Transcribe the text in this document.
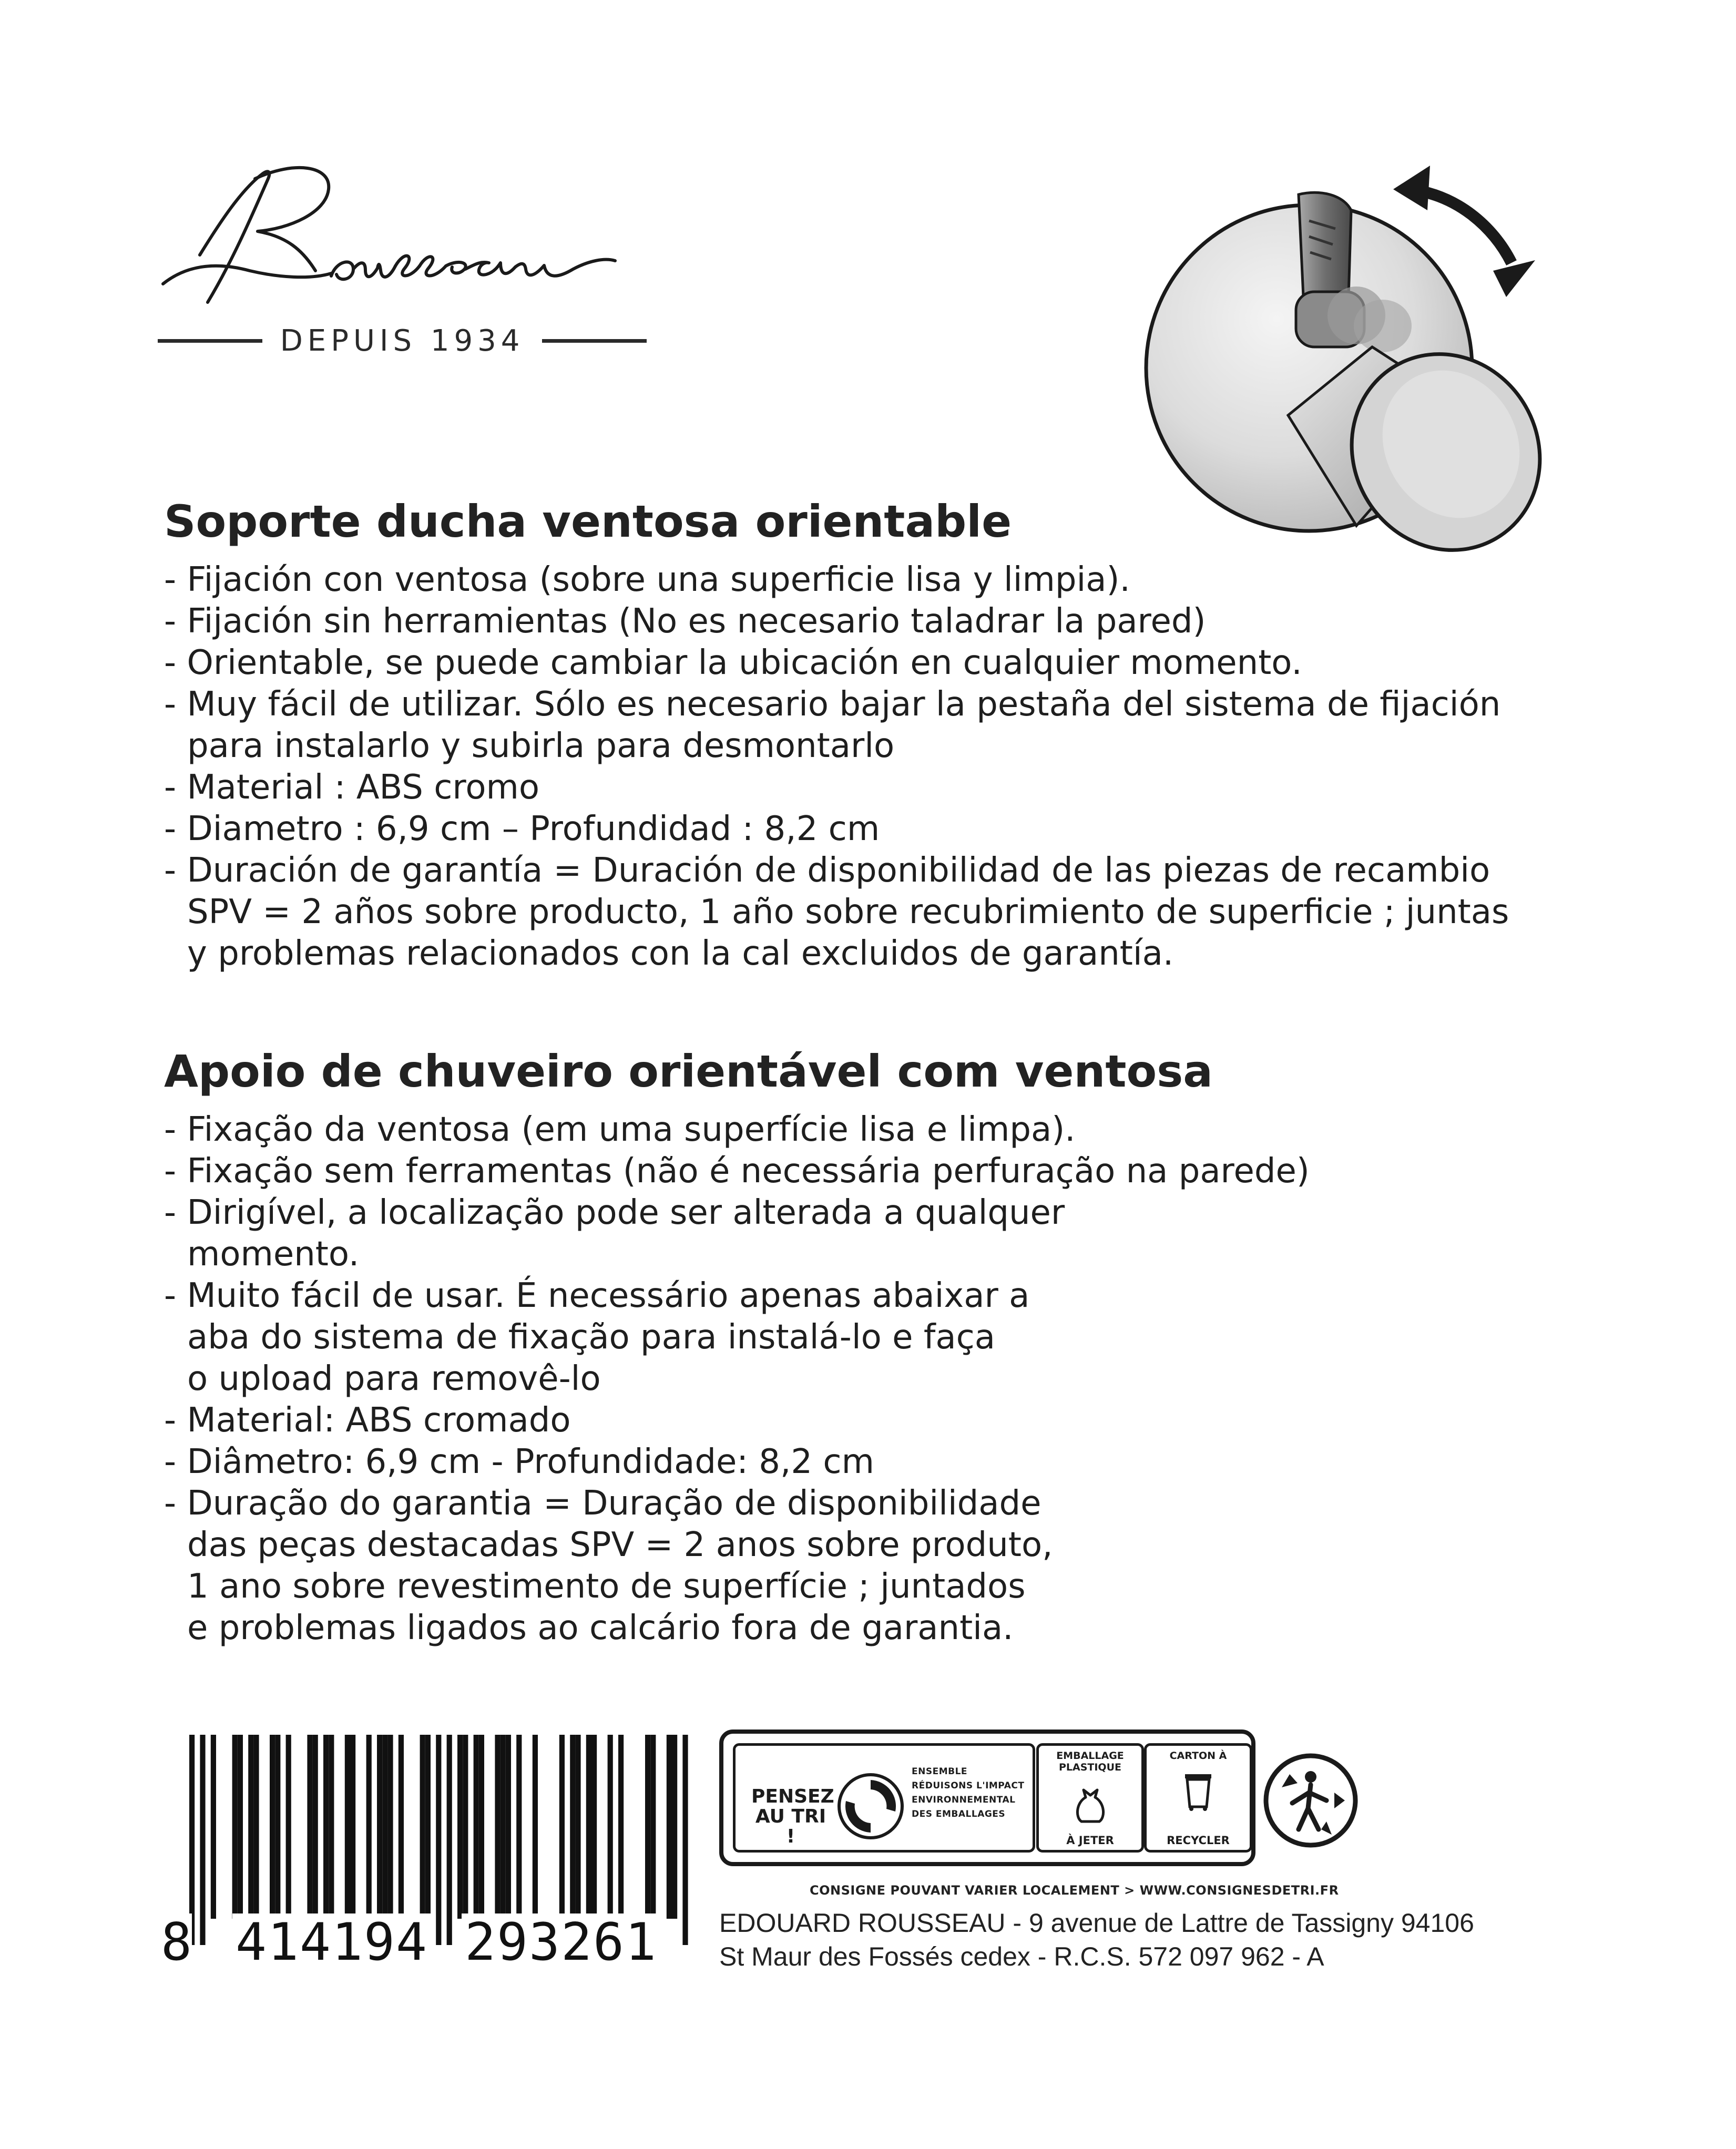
DEPUIS 1934
Soporte ducha ventosa orientable
- Fijación con ventosa (sobre una superficie lisa y limpia).
- Fijación sin herramientas (No es necesario taladrar la pared)
- Orientable, se puede cambiar la ubicación en cualquier momento.
- Muy fácil de utilizar. Sólo es necesario bajar la pestaña del sistema de fijación
para instalarlo y subirla para desmontarlo
- Material : ABS cromo
- Diametro : 6,9 cm – Profundidad : 8,2 cm
- Duración de garantía = Duración de disponibilidad de las piezas de recambio
SPV = 2 años sobre producto, 1 año sobre recubrimiento de superficie ; juntas
y problemas relacionados con la cal excluidos de garantía.
Apoio de chuveiro orientável com ventosa
- Fixação da ventosa (em uma superfície lisa e limpa).
- Fixação sem ferramentas (não é necessária perfuração na parede)
- Dirigível, a localização pode ser alterada a qualquer
momento.
- Muito fácil de usar. É necessário apenas abaixar a
aba do sistema de fixação para instalá-lo e faça
o upload para removê-lo
- Material: ABS cromado
- Diâmetro: 6,9 cm - Profundidade: 8,2 cm
- Duração do garantia = Duração de disponibilidade
das peças destacadas SPV = 2 anos sobre produto,
1 ano sobre revestimento de superfície ; juntados
e problemas ligados ao calcário fora de garantia.
8 414194 293261
PENSEZ
AU TRI !
ENSEMBLE
RÉDUISONS L'IMPACT
ENVIRONNEMENTAL
DES EMBALLAGES
EMBALLAGE
PLASTIQUE
À JETER
CARTON À
RECYCLER
CONSIGNE POUVANT VARIER LOCALEMENT > WWW.CONSIGNESDETRI.FR
EDOUARD ROUSSEAU - 9 avenue de Lattre de Tassigny 94106
St Maur des Fossés cedex - R.C.S. 572 097 962 - A
